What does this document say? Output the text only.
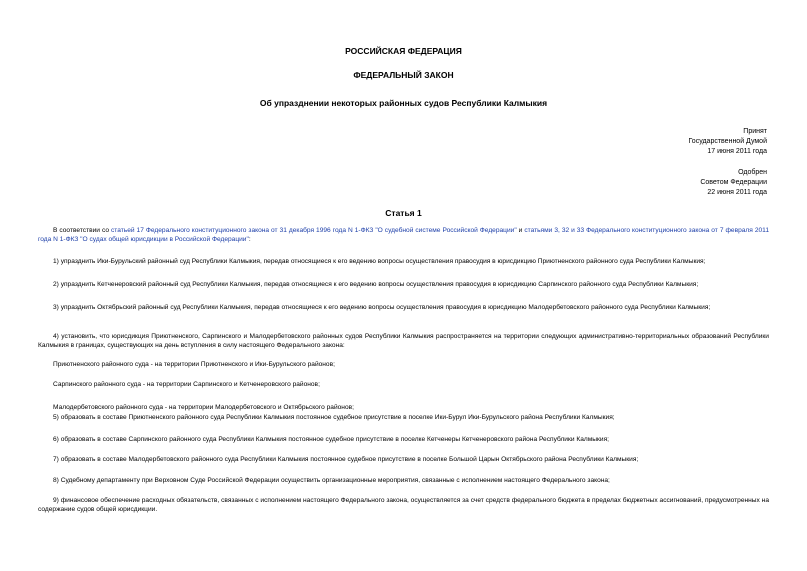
РОССИЙСКАЯ ФЕДЕРАЦИЯ
ФЕДЕРАЛЬНЫЙ ЗАКОН
Об упразднении некоторых районных судов Республики Калмыкия
Принят
Государственной Думой
17 июня 2011 года
Одобрен
Советом Федерации
22 июня 2011 года
Статья 1

В соответствии со статьей 17 Федерального конституционного закона от 31 декабря 1996 года N 1-ФКЗ "О судебной системе Российской Федерации" и статьями 3, 32 и 33 Федерального конституционного закона от 7 февраля 2011 года N 1-ФКЗ "О судах общей юрисдикции в Российской Федерации":

1) упразднить Ики-Бурульский районный суд Республики Калмыкия, передав относящиеся к его ведению вопросы осуществления правосудия в юрисдикцию Приютненского районного суда Республики Калмыкия;

2) упразднить Кетченеровский районный суд Республики Калмыкия, передав относящиеся к его ведению вопросы осуществления правосудия в юрисдикцию Сарпинского районного суда Республики Калмыкия;

3) упразднить Октябрьский районный суд Республики Калмыкия, передав относящиеся к его ведению вопросы осуществления правосудия в юрисдикцию Малодербетовского районного суда Республики Калмыкия;

4) установить, что юрисдикция Приютненского, Сарпинского и Малодербетовского районных судов Республики Калмыкия распространяется на территории следующих административно-территориальных образований Республики Калмыкия в границах, существующих на день вступления в силу настоящего Федерального закона:

Приютненского районного суда - на территории Приютненского и Ики-Бурульского районов;

Сарпинского районного суда - на территории Сарпинского и Кетченеровского районов;

Малодербетовского районного суда - на территории Малодербетовского и Октябрьского районов;

5) образовать в составе Приютненского районного суда Республики Калмыкия постоянное судебное присутствие в поселке Ики-Бурул Ики-Бурульского района Республики Калмыкия;

6) образовать в составе Сарпинского районного суда Республики Калмыкия постоянное судебное присутствие в поселке Кетченеры Кетченеровского района Республики Калмыкия;

7) образовать в составе Малодербетовского районного суда Республики Калмыкия постоянное судебное присутствие в поселке Большой Царын Октябрьского района Республики Калмыкия;

8) Судебному департаменту при Верховном Суде Российской Федерации осуществить организационные мероприятия, связанные с исполнением настоящего Федерального закона;

9) финансовое обеспечение расходных обязательств, связанных с исполнением настоящего Федерального закона, осуществляется за счет средств федерального бюджета в пределах бюджетных ассигнований, предусмотренных на содержание судов общей юрисдикции.
